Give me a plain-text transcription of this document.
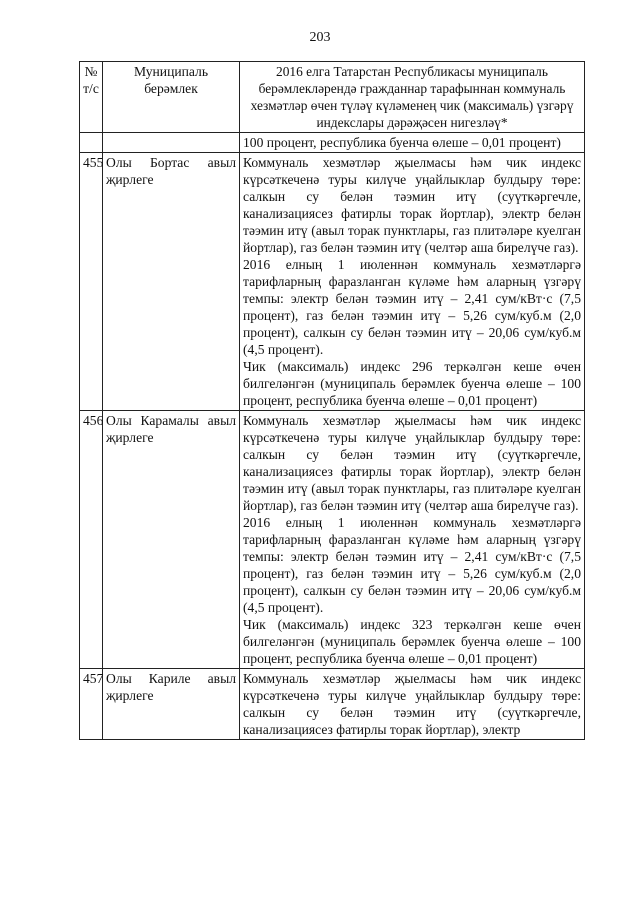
203
№ т/с	Муниципаль берәмлек	2016 елга Татарстан Республикасы муниципаль берәмлекләрендә гражданнар тарафыннан коммуналь хезмәтләр өчен түләү күләменең чик (максималь) үзгәрү индекслары дәрәҗәсен нигезләү*
		100 процент, республика буенча өлеше – 0,01 процент)
455	Олы Бортас авыл җирлеге	Коммуналь хезмәтләр җыелмасы һәм чик индекс күрсәткеченә туры килүче уңайлыклар булдыру төре: салкын су белән тәэмин итү (суүткәргечле, канализациясез фатирлы торак йортлар), электр белән тәэмин итү (авыл торак пунктлары, газ плитәләре куелган йортлар), газ белән тәэмин итү (челтәр аша бирелүче газ).
2016 елның 1 июленнән коммуналь хезмәтләргә тарифларның фаразланган күләме һәм аларның үзгәрү темпы: электр белән тәэмин итү – 2,41 сум/кВт·с (7,5 процент), газ белән тәэмин итү – 5,26 сум/куб.м (2,0 процент), салкын су белән тәэмин итү – 20,06 сум/куб.м (4,5 процент).
Чик (максималь) индекс 296 теркәлгән кеше өчен билгеләнгән (муниципаль берәмлек буенча өлеше – 100 процент, республика буенча өлеше – 0,01 процент)

456	Олы Карамалы авыл җирлеге	Коммуналь хезмәтләр җыелмасы һәм чик индекс күрсәткеченә туры килүче уңайлыклар булдыру төре: салкын су белән тәэмин итү (суүткәргечле, канализациясез фатирлы торак йортлар), электр белән тәэмин итү (авыл торак пунктлары, газ плитәләре куелган йортлар), газ белән тәэмин итү (челтәр аша бирелүче газ).
2016 елның 1 июленнән коммуналь хезмәтләргә тарифларның фаразланган күләме һәм аларның үзгәрү темпы: электр белән тәэмин итү – 2,41 сум/кВт·с (7,5 процент), газ белән тәэмин итү – 5,26 сум/куб.м (2,0 процент), салкын су белән тәэмин итү – 20,06 сум/куб.м (4,5 процент).
Чик (максималь) индекс 323 теркәлгән кеше өчен билгеләнгән (муниципаль берәмлек буенча өлеше – 100 процент, республика буенча өлеше – 0,01 процент)

457	Олы Кариле авыл җирлеге	Коммуналь хезмәтләр җыелмасы һәм чик индекс күрсәткеченә туры килүче уңайлыклар булдыру төре: салкын су белән тәэмин итү (суүткәргечле, канализациясез фатирлы торак йортлар), электр
